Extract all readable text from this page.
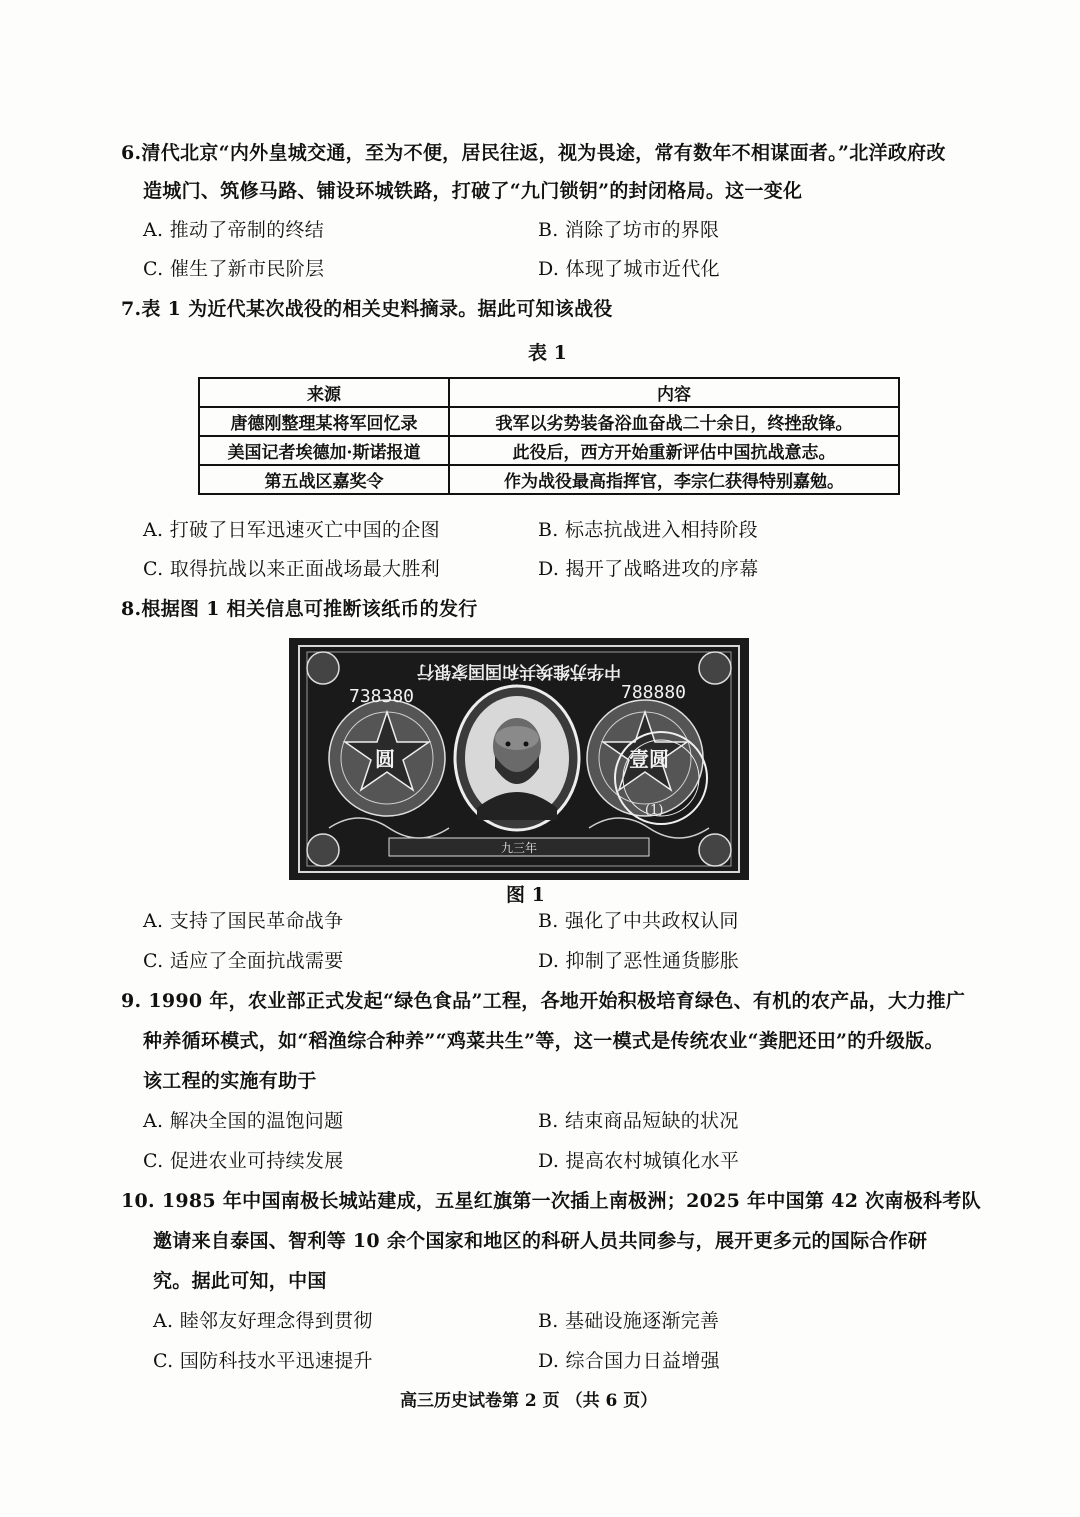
6.清代北京“内外皇城交通，至为不便，居民往返，视为畏途，常有数年不相谋面者。”北洋政府改
造城门、筑修马路、铺设环城铁路，打破了“九门锁钥”的封闭格局。这一变化
A. 推动了帝制的终结	B. 消除了坊市的界限
C. 催生了新市民阶层	D. 体现了城市近代化
7.表 1 为近代某次战役的相关史料摘录。据此可知该战役
表 1
来源	内容
唐德刚整理某将军回忆录	我军以劣势装备浴血奋战二十余日，终挫敌锋。
美国记者埃德加·斯诺报道	此役后，西方开始重新评估中国抗战意志。
第五战区嘉奖令	作为战役最高指挥官，李宗仁获得特别嘉勉。
A. 打破了日军迅速灭亡中国的企图	B. 标志抗战进入相持阶段
C. 取得抗战以来正面战场最大胜利	D. 揭开了战略进攻的序幕
8.根据图 1 相关信息可推断该纸币的发行
中华苏维埃共和国国家银行
738380	788880
圆	壹圆
(1)
九三年
图 1
A. 支持了国民革命战争	B. 强化了中共政权认同
C. 适应了全面抗战需要	D. 抑制了恶性通货膨胀
9. 1990 年，农业部正式发起“绿色食品”工程，各地开始积极培育绿色、有机的农产品，大力推广
种养循环模式，如“稻渔综合种养”“鸡菜共生”等，这一模式是传统农业“粪肥还田”的升级版。
该工程的实施有助于
A. 解决全国的温饱问题	B. 结束商品短缺的状况
C. 促进农业可持续发展	D. 提高农村城镇化水平
10. 1985 年中国南极长城站建成，五星红旗第一次插上南极洲；2025 年中国第 42 次南极科考队
邀请来自泰国、智利等 10 余个国家和地区的科研人员共同参与，展开更多元的国际合作研
究。据此可知，中国
A. 睦邻友好理念得到贯彻	B. 基础设施逐渐完善
C. 国防科技水平迅速提升	D. 综合国力日益增强
高三历史试卷第 2 页 （共 6 页）
